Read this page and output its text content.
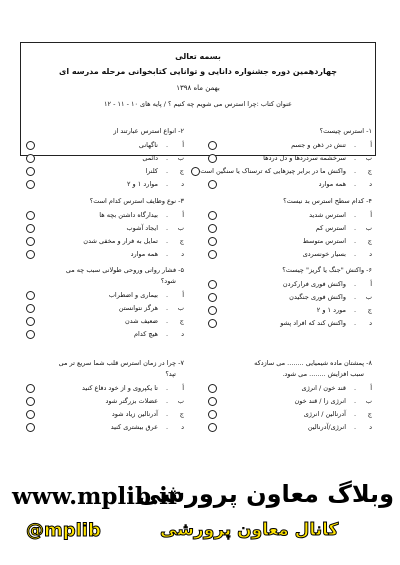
بسمه تعالی
چهاردهمین دوره جشنواره دانایی و توانایی کتابخوانی مرحله مدرسه ای
بهمن ماه ۱۳۹۸
عنوان کتاب :چرا استرس می شویم چه کنیم ؟ / پایه های ۱۰ - ۱۱ - ۱۲
۱- استرس چیست؟
أ
.
تنش در ذهن و جسم
ب
.
سرخشمه سردردها و دل دردها
ج
.
واکنش ما در برابر چیزهایی که ترسناک یا سنگین است
د
.
همه موارد
۲- انواع استرس عبارتند از
أ
.
ناگهانی
ب
.
دائمی
ج
.
کلنرا
د
.
موارد ۱ و ۲
۴- کدام سطح استرس بد نیست؟
أ
.
استرس شدید
ب
.
استرس کم
ج
.
استرس متوسط
د
.
بسیار خونسردی
۳- نوع وظایف استرس کدام است؟
أ
.
بیدارگاه داشتن بچه ها
ب
.
ایجاد آشوب
ج
.
تمایل به فرار و مخفی شدن
د
.
همه موارد
۶- واکنش "جنگ یا گریز" چیست؟
أ
.
واکنش فوری فرارکردن
ب
.
واکنش فوری جنگیدن
ج
.
مورد ۱ و ۲
د
.
واکنش کند که افراد پشو
۵- فشار روانی وروحی طولانی سبب چه می
شود؟
أ
.
بیماری و اضطراب
ب
.
هرگز نتوانستن
ج
.
ضعیف شدن
د
.
هیچ کدام
۸- پمشتان ماده شیمیایی ........ می سازدکه
سبب افزایش ........ می شود.
أ
.
قند خون / انرژی
ب
.
انرژی زا / قند خون
ج
.
آدرنالین / انرژی
د
.
انرژی/آدرنالین
۷- چرا در زمان استرس قلب شما سریع تر می
تپد؟
أ
.
تا یکپروی و از خود دفاع کنید
ب
.
عضلات بزرگتر شود
ج
.
آدرنالین زیاد شود
د
.
عرق بیشتری کنید
www.mplib.ir
وبلاگ معاون پرورشی
کانال معاون پرورشی
@mplib
